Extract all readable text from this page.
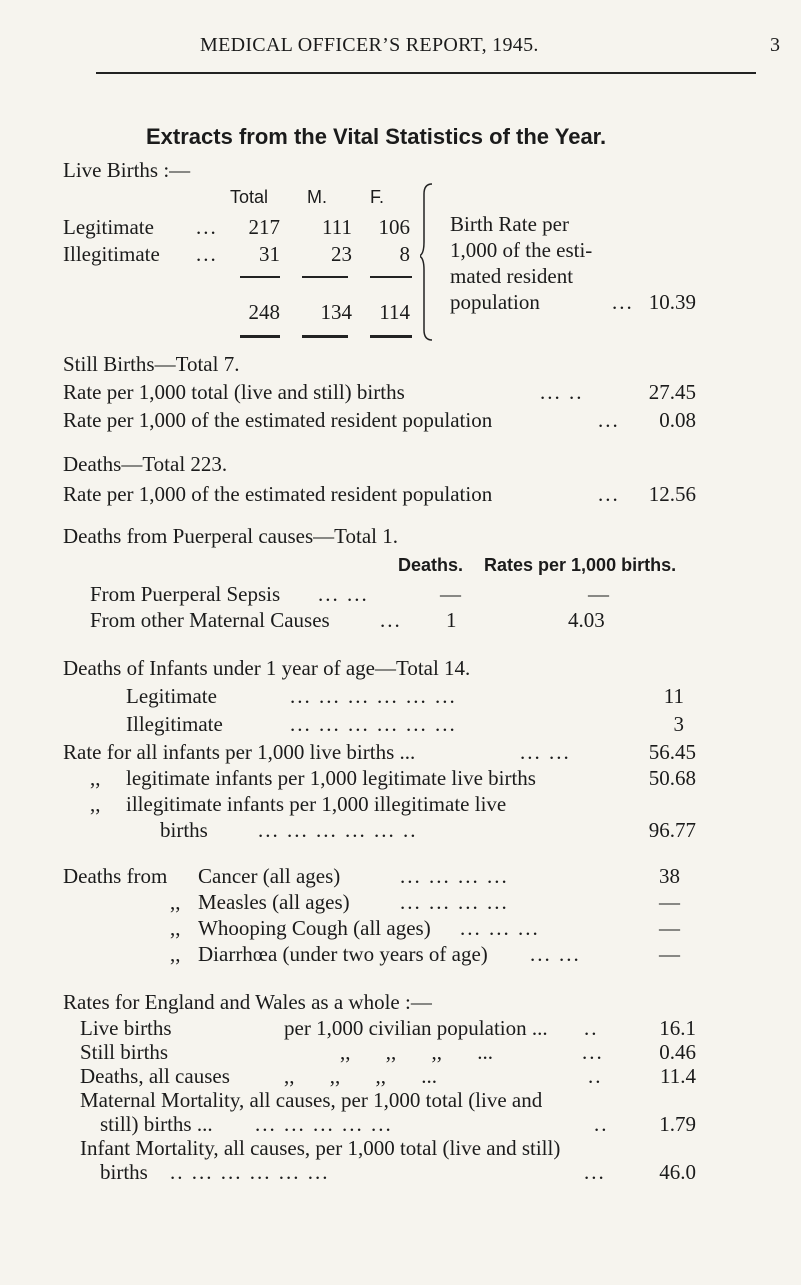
MEDICAL OFFICER’S REPORT, 1945.	3
Extracts from the Vital Statistics of the Year.
Live Births :—
Total	M.	F.
Legitimate ...	217	111	106
Illegitimate ...	31	23	8
248	134	114
Birth Rate per
1,000 of the esti-
mated resident
population	... 10.39
Still Births—Total 7.
Rate per 1,000 total (live and still) births	... ..	27.45
Rate per 1,000 of the estimated resident population	...	0.08
Deaths—Total 223.
Rate per 1,000 of the estimated resident population	...	12.56
Deaths from Puerperal causes—Total 1.
Deaths. Rates per 1,000 births.
From Puerperal Sepsis ... ...	—	—
From other Maternal Causes ... 1	4.03
Deaths of Infants under 1 year of age—Total 14.
Legitimate	... ... ... ... ... ...	11
Illegitimate	... ... ... ... ... ...	3
Rate for all infants per 1,000 live births ...	... ...	56.45
,, legitimate infants per 1,000 legitimate live births	50.68
,, illegitimate infants per 1,000 illegitimate live
births ... ... ... ... ... ..	96.77
Deaths from Cancer (all ages)	... ... ... ...	38
,, Measles (all ages) ... ... ... ...	—
,, Whooping Cough (all ages) ... ... ...	—
,, Diarrhœa (under two years of age) ... ...	—
Rates for England and Wales as a whole :—
Live births	per 1,000 civilian population ... ..	16.1
Still births	,, ,, ,, ...	...	0.46
Deaths, all causes	,, ,, ,, ...	..	11.4
Maternal Mortality, all causes, per 1,000 total (live and
still) births ... ... ... ... ... ...	..	1.79
Infant Mortality, all causes, per 1,000 total (live and still)
births .. ... ... ... ... ...	...	46.0
